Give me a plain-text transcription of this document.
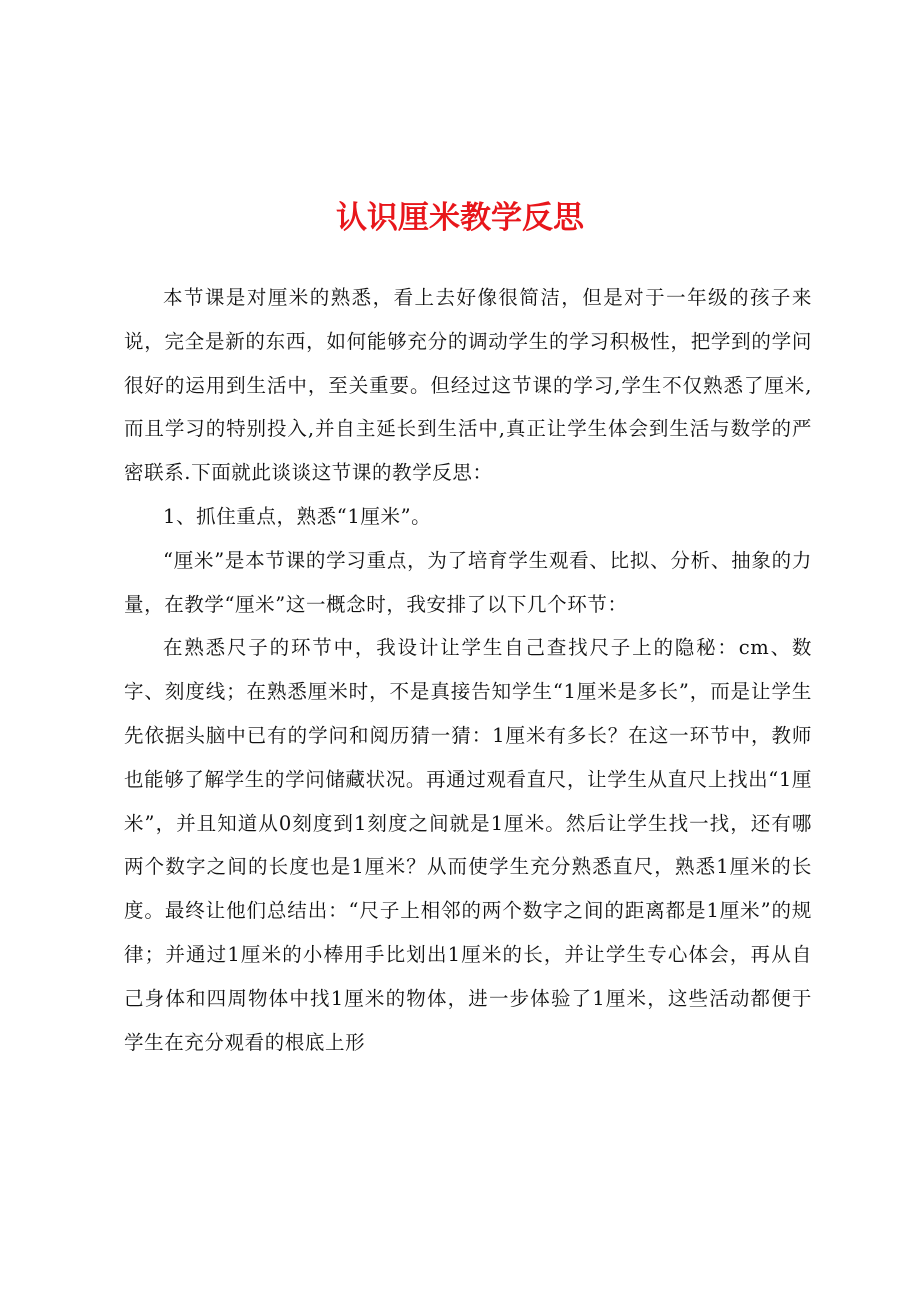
认识厘米教学反思

本节课是对厘米的熟悉，看上去好像很简洁，但是对于一年级的孩子来说，完全是新的东西，如何能够充分的调动学生的学习积极性，把学到的学问很好的运用到生活中，至关重要。但经过这节课的学习,学生不仅熟悉了厘米,而且学习的特别投入,并自主延长到生活中,真正让学生体会到生活与数学的严密联系.下面就此谈谈这节课的教学反思：

1、抓住重点，熟悉“1厘米”。

“厘米”是本节课的学习重点，为了培育学生观看、比拟、分析、抽象的力量，在教学“厘米”这一概念时，我安排了以下几个环节：

在熟悉尺子的环节中，我设计让学生自己查找尺子上的隐秘：cm、数字、刻度线；在熟悉厘米时，不是真接告知学生“1厘米是多长”，而是让学生先依据头脑中已有的学问和阅历猜一猜：1厘米有多长？在这一环节中，教师也能够了解学生的学问储藏状况。再通过观看直尺，让学生从直尺上找出“1厘米”，并且知道从0刻度到1刻度之间就是1厘米。然后让学生找一找，还有哪两个数字之间的长度也是1厘米？从而使学生充分熟悉直尺，熟悉1厘米的长度。最终让他们总结出：“尺子上相邻的两个数字之间的距离都是1厘米”的规律；并通过1厘米的小棒用手比划出1厘米的长，并让学生专心体会，再从自己身体和四周物体中找1厘米的物体，进一步体验了1厘米，这些活动都便于学生在充分观看的根底上形
